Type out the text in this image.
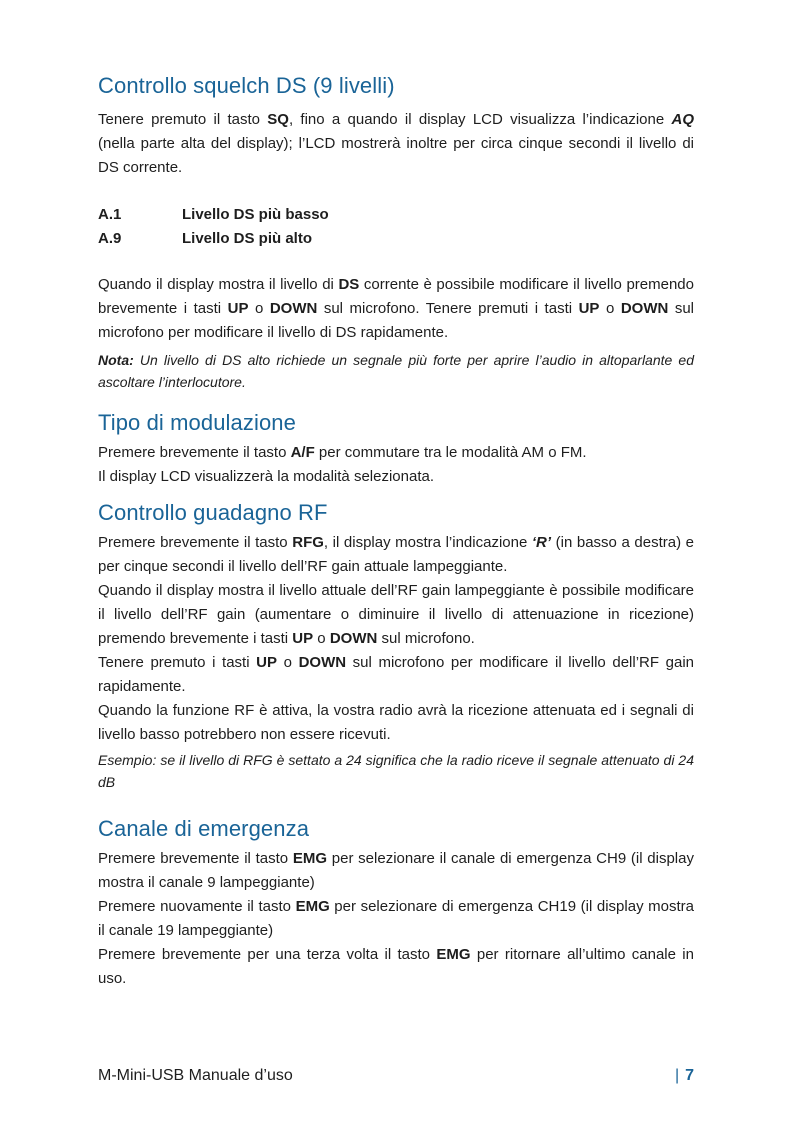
Controllo squelch DS (9 livelli)

Tenere premuto il tasto SQ, fino a quando il display LCD visualizza l’indicazione AQ (nella parte alta del display); l’LCD mostrerà inoltre per circa cinque secondi il livello di DS corrente.

A.1	Livello DS più basso
A.9	Livello DS più alto

Quando il display mostra il livello di DS corrente è possibile modificare il livello premendo brevemente i tasti UP o DOWN sul microfono. Tenere premuti i tasti UP o DOWN sul microfono per modificare il livello di DS rapidamente.

Nota: Un livello di DS alto richiede un segnale più forte per aprire l’audio in altoparlante ed ascoltare l’interlocutore.

Tipo di modulazione

Premere brevemente il tasto A/F per commutare tra le modalità AM o FM.
Il display LCD visualizzerà la modalità selezionata.

Controllo guadagno RF

Premere brevemente il tasto RFG, il display mostra l’indicazione ‘R’ (in basso a destra) e per cinque secondi il livello dell’RF gain attuale lampeggiante.

Quando il display mostra il livello attuale dell’RF gain lampeggiante è possibile modificare il livello dell’RF gain (aumentare o diminuire il livello di attenuazione in ricezione) premendo brevemente i tasti UP o DOWN sul microfono.

Tenere premuto i tasti UP o DOWN sul microfono per modificare il livello dell’RF gain rapidamente.

Quando la funzione RF è attiva, la vostra radio avrà la ricezione attenuata ed i segnali di livello basso potrebbero non essere ricevuti.

Esempio: se il livello di RFG è settato a 24 significa che la radio riceve il segnale attenuato di 24 dB

Canale di emergenza

Premere brevemente il tasto EMG per selezionare il canale di emergenza CH9 (il display mostra il canale 9 lampeggiante)

Premere nuovamente il tasto EMG per selezionare di emergenza CH19 (il display mostra il canale 19 lampeggiante)

Premere brevemente per una terza volta il tasto EMG per ritornare all’ultimo canale in uso.

M-Mini-USB Manuale d’uso	| 7
